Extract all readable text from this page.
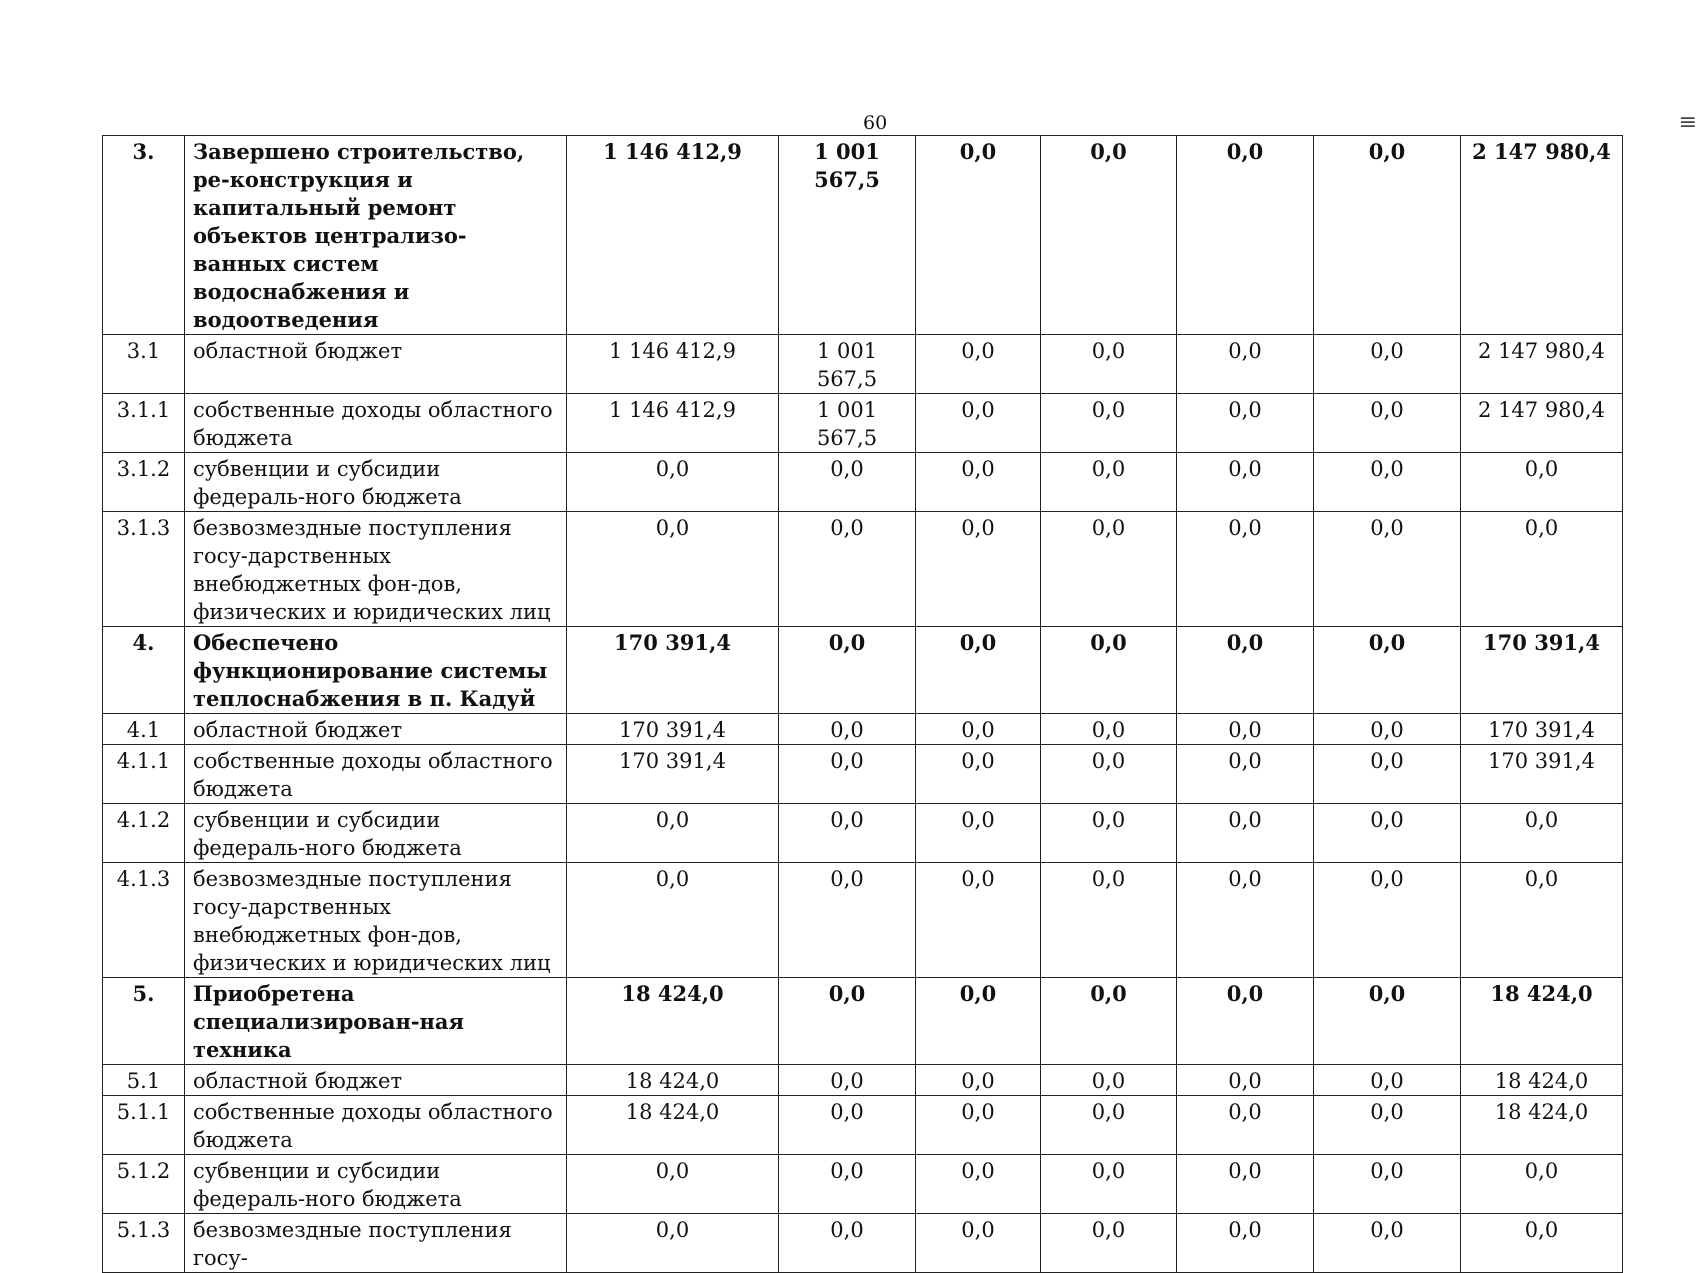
60	≡
3.	Завершено строительство, ре-конструкция и капитальный ремонт объектов централизо-ванных систем водоснабжения и водоотведения	1 146 412,9	1 001 567,5	0,0	0,0	0,0	0,0	2 147 980,4
3.1	областной бюджет	1 146 412,9	1 001 567,5	0,0	0,0	0,0	0,0	2 147 980,4
3.1.1	собственные доходы областного бюджета	1 146 412,9	1 001 567,5	0,0	0,0	0,0	0,0	2 147 980,4
3.1.2	субвенции и субсидии федераль-ного бюджета	0,0	0,0	0,0	0,0	0,0	0,0	0,0
3.1.3	безвозмездные поступления госу-дарственных внебюджетных фон-дов, физических и юридических лиц	0,0	0,0	0,0	0,0	0,0	0,0	0,0
4.	Обеспечено функционирование системы теплоснабжения в п. Кадуй	170 391,4	0,0	0,0	0,0	0,0	0,0	170 391,4
4.1	областной бюджет	170 391,4	0,0	0,0	0,0	0,0	0,0	170 391,4
4.1.1	собственные доходы областного бюджета	170 391,4	0,0	0,0	0,0	0,0	0,0	170 391,4
4.1.2	субвенции и субсидии федераль-ного бюджета	0,0	0,0	0,0	0,0	0,0	0,0	0,0
4.1.3	безвозмездные поступления госу-дарственных внебюджетных фон-дов, физических и юридических лиц	0,0	0,0	0,0	0,0	0,0	0,0	0,0
5.	Приобретена специализирован-ная техника	18 424,0	0,0	0,0	0,0	0,0	0,0	18 424,0
5.1	областной бюджет	18 424,0	0,0	0,0	0,0	0,0	0,0	18 424,0
5.1.1	собственные доходы областного бюджета	18 424,0	0,0	0,0	0,0	0,0	0,0	18 424,0
5.1.2	субвенции и субсидии федераль-ного бюджета	0,0	0,0	0,0	0,0	0,0	0,0	0,0
5.1.3	безвозмездные поступления госу-	0,0	0,0	0,0	0,0	0,0	0,0	0,0
